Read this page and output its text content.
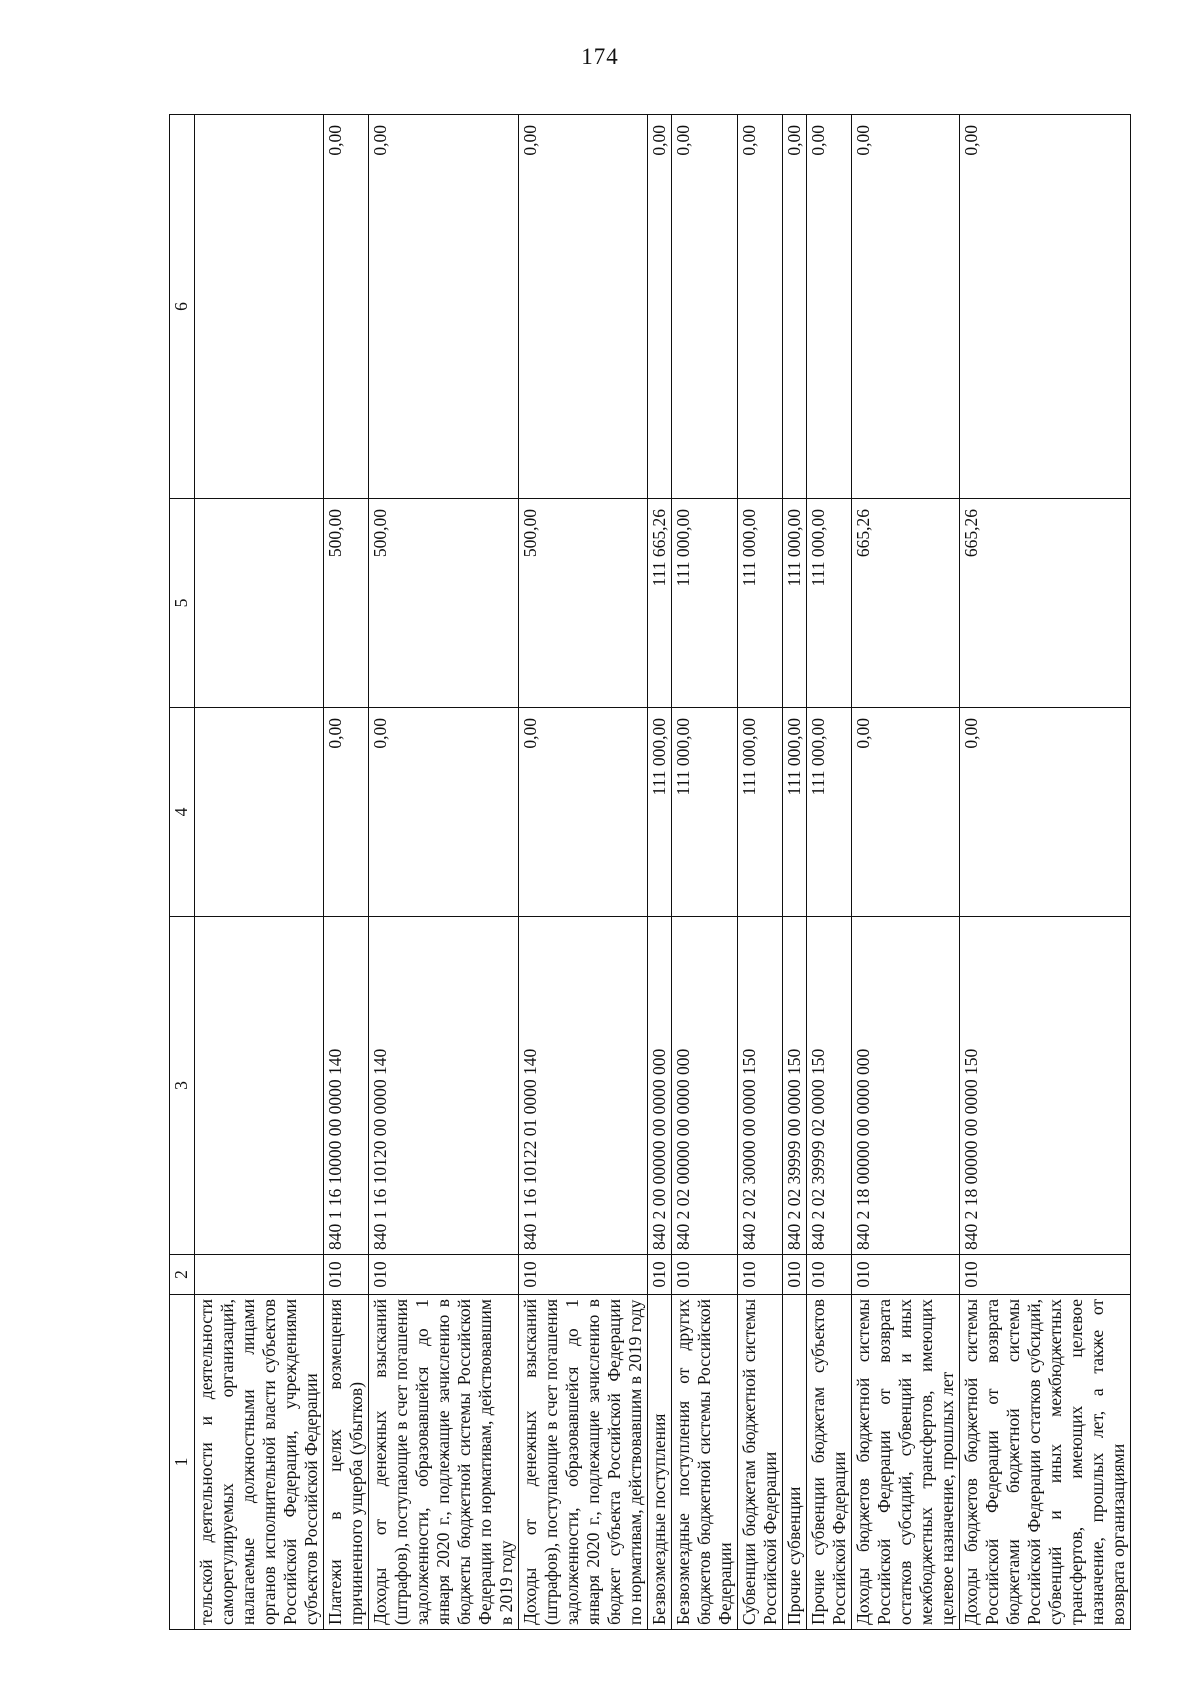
174
1	2	3	4	5	6
тельской деятельности и деятельности саморегулируемых организаций, налагаемые должностными лицами органов исполнительной власти субъектов Российской Федерации, учреждениями субъектов Российской Федерации					
Платежи в целях возмещения причиненного ущерба (убытков)	010	840 1 16 10000 00 0000 140	0,00	500,00	0,00
Доходы от денежных взысканий (штрафов), поступающие в счет погашения задолженности, образовавшейся до 1 января 2020 г., подлежащие зачислению в бюджеты бюджетной системы Российской Федерации по нормативам, действовавшим в 2019 году	010	840 1 16 10120 00 0000 140	0,00	500,00	0,00
Доходы от денежных взысканий (штрафов), поступающие в счет погашения задолженности, образовавшейся до 1 января 2020 г., подлежащие зачислению в бюджет субъекта Российской Федерации по нормативам, действовавшим в 2019 году	010	840 1 16 10122 01 0000 140	0,00	500,00	0,00
Безвозмездные поступления	010	840 2 00 00000 00 0000 000	111 000,00	111 665,26	0,00
Безвозмездные поступления от других бюджетов бюджетной системы Российской Федерации	010	840 2 02 00000 00 0000 000	111 000,00	111 000,00	0,00
Субвенции бюджетам бюджетной системы Российской Федерации	010	840 2 02 30000 00 0000 150	111 000,00	111 000,00	0,00
Прочие субвенции	010	840 2 02 39999 00 0000 150	111 000,00	111 000,00	0,00
Прочие субвенции бюджетам субъектов Российской Федерации	010	840 2 02 39999 02 0000 150	111 000,00	111 000,00	0,00
Доходы бюджетов бюджетной системы Российской Федерации от возврата остатков субсидий, субвенций и иных межбюджетных трансфертов, имеющих целевое назначение, прошлых лет	010	840 2 18 00000 00 0000 000	0,00	665,26	0,00
Доходы бюджетов бюджетной системы Российской Федерации от возврата бюджетами бюджетной системы Российской Федерации остатков субсидий, субвенций и иных межбюджетных трансфертов, имеющих целевое назначение, прошлых лет, а также от возврата организациями	010	840 2 18 00000 00 0000 150	0,00	665,26	0,00
